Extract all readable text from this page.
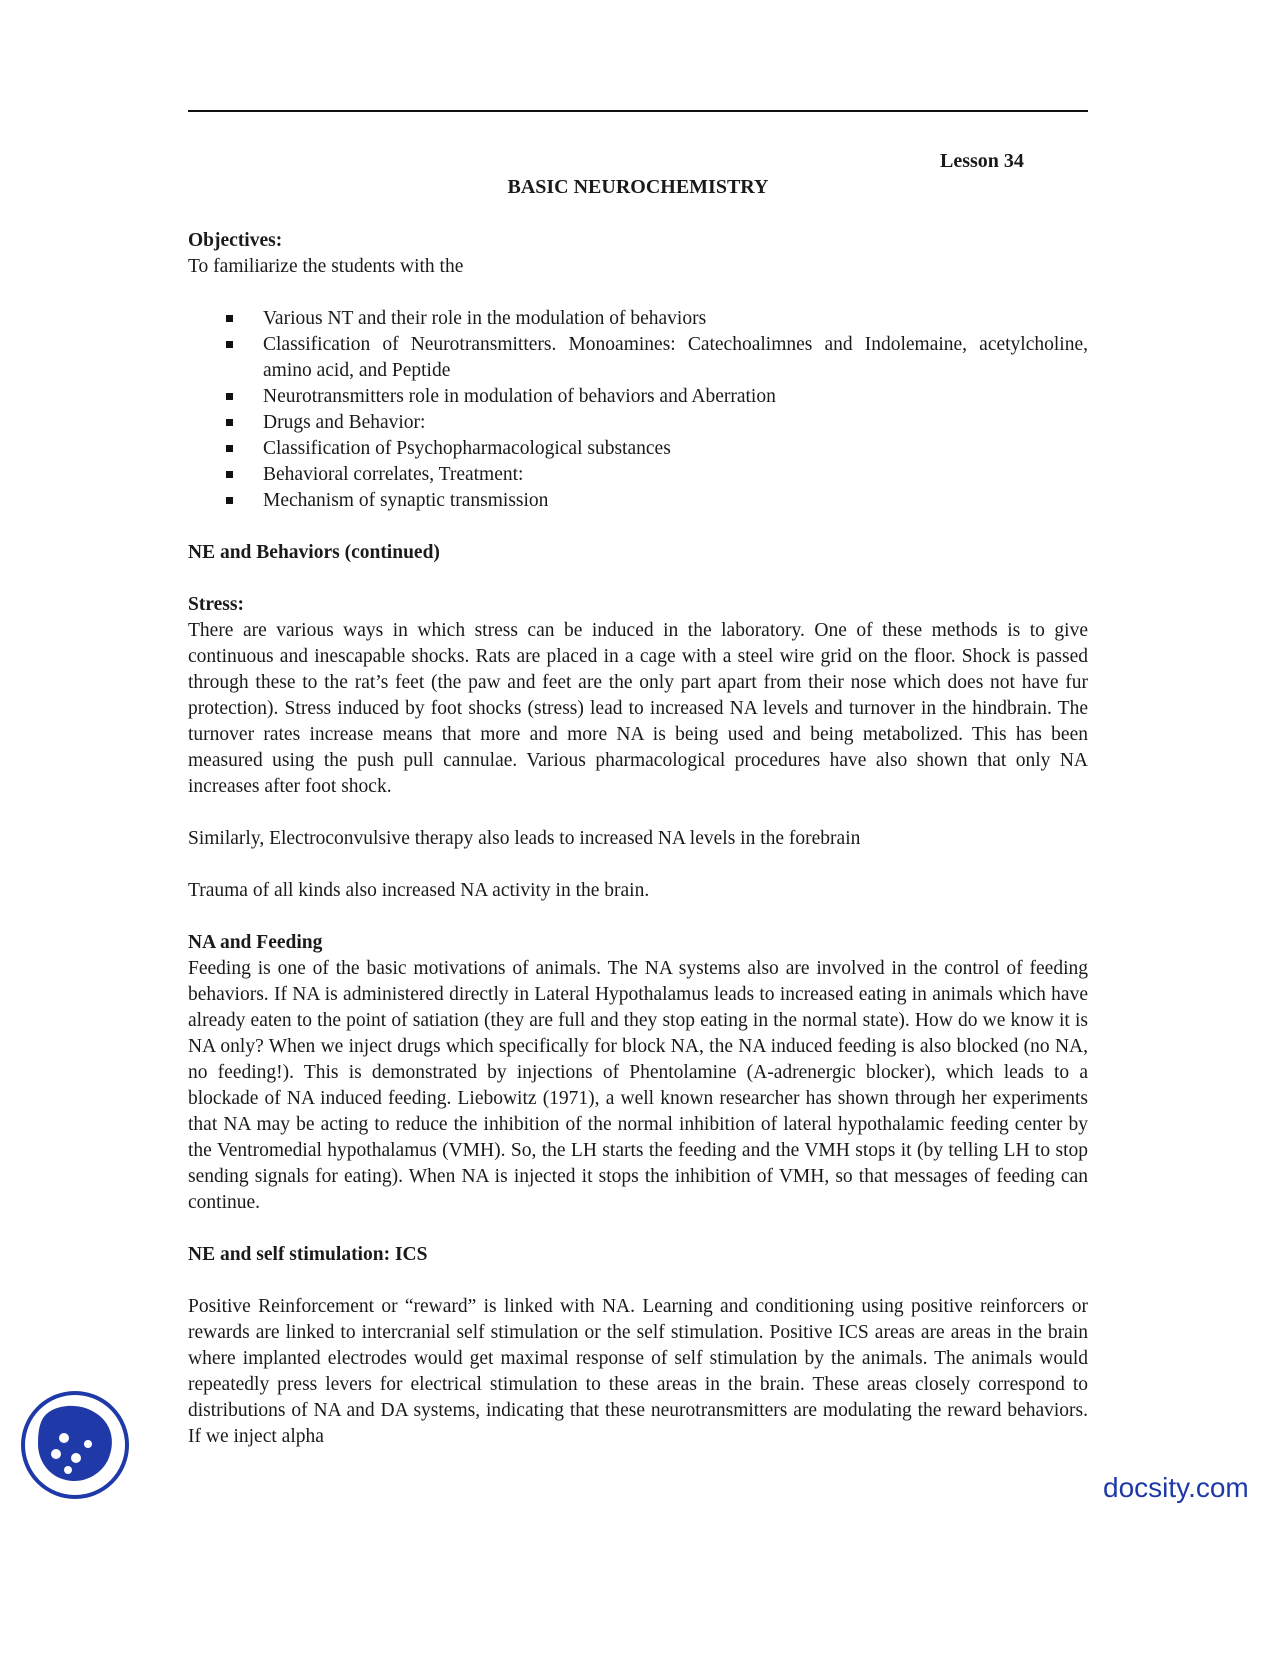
Lesson 34
BASIC NEUROCHEMISTRY
Objectives:

To familiarize the students with the

Various NT and their role in the modulation of behaviors
Classification of Neurotransmitters. Monoamines: Catechoalimnes and Indolemaine, acetylcholine, amino acid, and Peptide
Neurotransmitters role in modulation of behaviors and Aberration
Drugs and Behavior:
Classification of Psychopharmacological substances
Behavioral correlates, Treatment:
Mechanism of synaptic transmission
NE and Behaviors (continued)
Stress:

There are various ways in which stress can be induced in the laboratory. One of these methods is to give continuous and inescapable shocks. Rats are placed in a cage with a steel wire grid on the floor. Shock is passed through these to the rat’s feet (the paw and feet are the only part apart from their nose which does not have fur protection). Stress induced by foot shocks (stress) lead to increased NA levels and turnover in the hindbrain. The turnover rates increase means that more and more NA is being used and being metabolized. This has been measured using the push pull cannulae. Various pharmacological procedures have also shown that only NA increases after foot shock.

Similarly, Electroconvulsive therapy also leads to increased NA levels in the forebrain

Trauma of all kinds also increased NA activity in the brain.

NA and Feeding

Feeding is one of the basic motivations of animals. The NA systems also are involved in the control of feeding behaviors. If NA is administered directly in Lateral Hypothalamus leads to increased eating in animals which have already eaten to the point of satiation (they are full and they stop eating in the normal state). How do we know it is NA only? When we inject drugs which specifically for block NA, the NA induced feeding is also blocked (no NA, no feeding!). This is demonstrated by injections of Phentolamine (A-adrenergic blocker), which leads to a blockade of NA induced feeding. Liebowitz (1971), a well known researcher has shown through her experiments that NA may be acting to reduce the inhibition of the normal inhibition of lateral hypothalamic feeding center by the Ventromedial hypothalamus (VMH). So, the LH starts the feeding and the VMH stops it (by telling LH to stop sending signals for eating). When NA is injected it stops the inhibition of VMH, so that messages of feeding can continue.

NE and self stimulation: ICS

Positive Reinforcement or “reward” is linked with NA. Learning and conditioning using positive reinforcers or rewards are linked to intercranial self stimulation or the self stimulation. Positive ICS areas are areas in the brain where implanted electrodes would get maximal response of self stimulation by the animals. The animals would repeatedly press levers for electrical stimulation to these areas in the brain. These areas closely correspond to distributions of NA and DA systems, indicating that these neurotransmitters are modulating the reward behaviors. If we inject alpha

docsity.com
